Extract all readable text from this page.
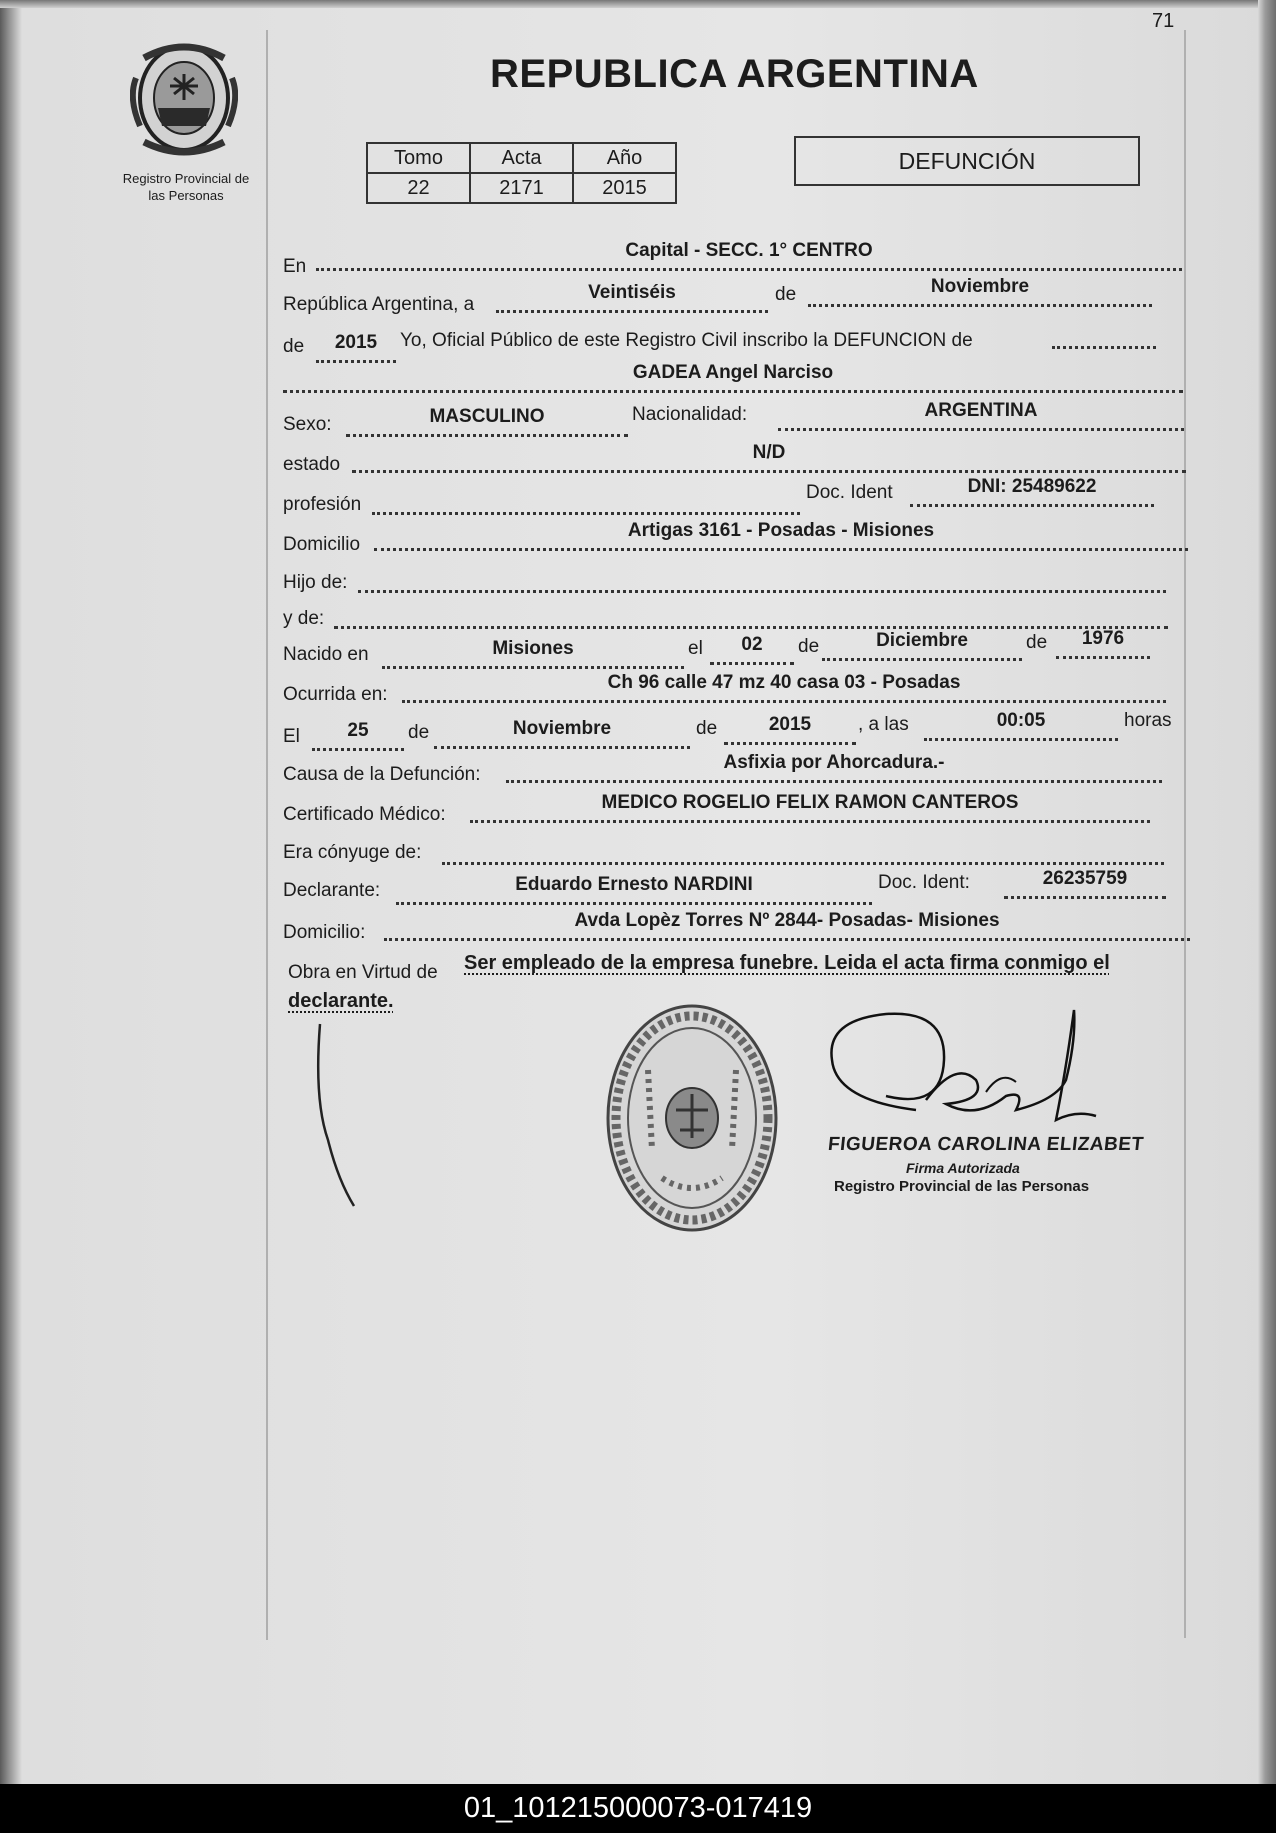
71
Registro Provincial de
las Personas
REPUBLICA ARGENTINA
Tomo	Acta	Año
22	2171	2015
DEFUNCIÓN
En
Capital - SECC. 1° CENTRO
República Argentina, a
Veintiséis	de	Noviembre
de	2015	Yo, Oficial Público de este Registro Civil inscribo la DEFUNCION de
GADEA Angel Narciso
Sexo:	MASCULINO	Nacionalidad:	ARGENTINA
estado
N/D
profesión
Doc. Ident	DNI: 25489622
Domicilio
Artigas 3161 - Posadas - Misiones
Hijo de:
y de:
Nacido en	Misiones	el	02	de	Diciembre	de	1976
Ocurrida en:
Ch 96 calle 47 mz 40 casa 03 - Posadas
El	25	de	Noviembre	de	2015	, a las	00:05	horas
Causa de la Defunción:
Asfixia por Ahorcadura.-
Certificado Médico:
MEDICO ROGELIO FELIX RAMON CANTEROS
Era cónyuge de:
Declarante:	Eduardo Ernesto NARDINI	Doc. Ident:	26235759
Domicilio:
Avda Lopèz Torres Nº 2844- Posadas- Misiones
Obra en Virtud de Ser empleado de la empresa funebre. Leida el acta firma conmigo el
declarante.
FIGUEROA CAROLINA ELIZABET
Firma Autorizada
Registro Provincial de las Personas
01_101215000073-017419
